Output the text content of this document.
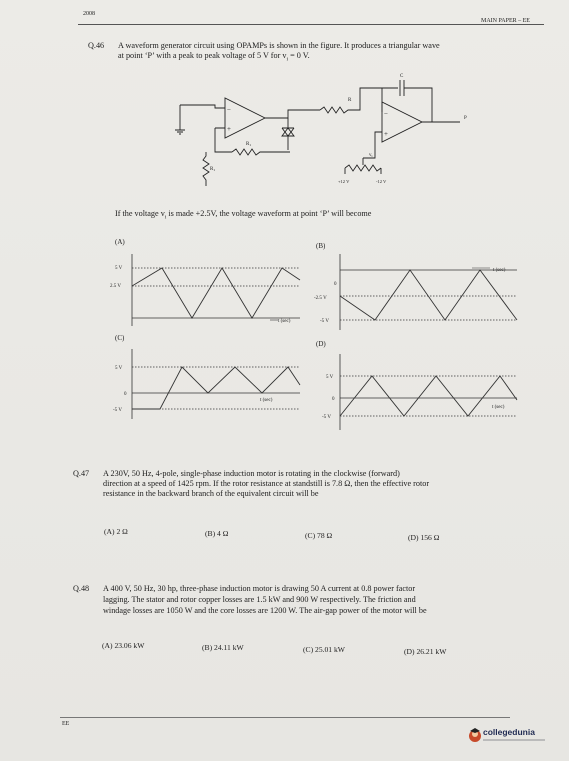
2008
MAIN PAPER – EE
Q.46 A waveform generator circuit using OPAMPs is shown in the figure. It produces a triangular wave
at point ‘P’ with a peak to peak voltage of 5 V for $v_i = 0$ V.
−
+
−
+
R
C
P
$R_1$
$R_1$
$v_i$
+12 V	-12 V
If the voltage $v_i$ is made +2.5V, the voltage waveform at point ‘P’ will become
(A)
5 V
2.5 V
t (sec)
(B)
0
-2.5 V
-5 V
t (sec)
(C)
5 V
0
-5 V
t (sec)
(D)
5 V
0
-5 V
t (sec)
Q.47 A 230V, 50 Hz, 4-pole, single-phase induction motor is rotating in the clockwise (forward)
direction at a speed of 1425 rpm. If the rotor resistance at standstill is 7.8 Ω, then the effective rotor
resistance in the backward branch of the equivalent circuit will be
(A) 2 Ω	(B) 4 Ω	(C) 78 Ω	(D) 156 Ω
Q.48 A 400 V, 50 Hz, 30 hp, three-phase induction motor is drawing 50 A current at 0.8 power factor
lagging. The stator and rotor copper losses are 1.5 kW and 900 W respectively. The friction and
windage losses are 1050 W and the core losses are 1200 W. The air-gap power of the motor will be
(A) 23.06 kW	(B) 24.11 kW	(C) 25.01 kW	(D) 26.21 kW
EE
collegedunia
